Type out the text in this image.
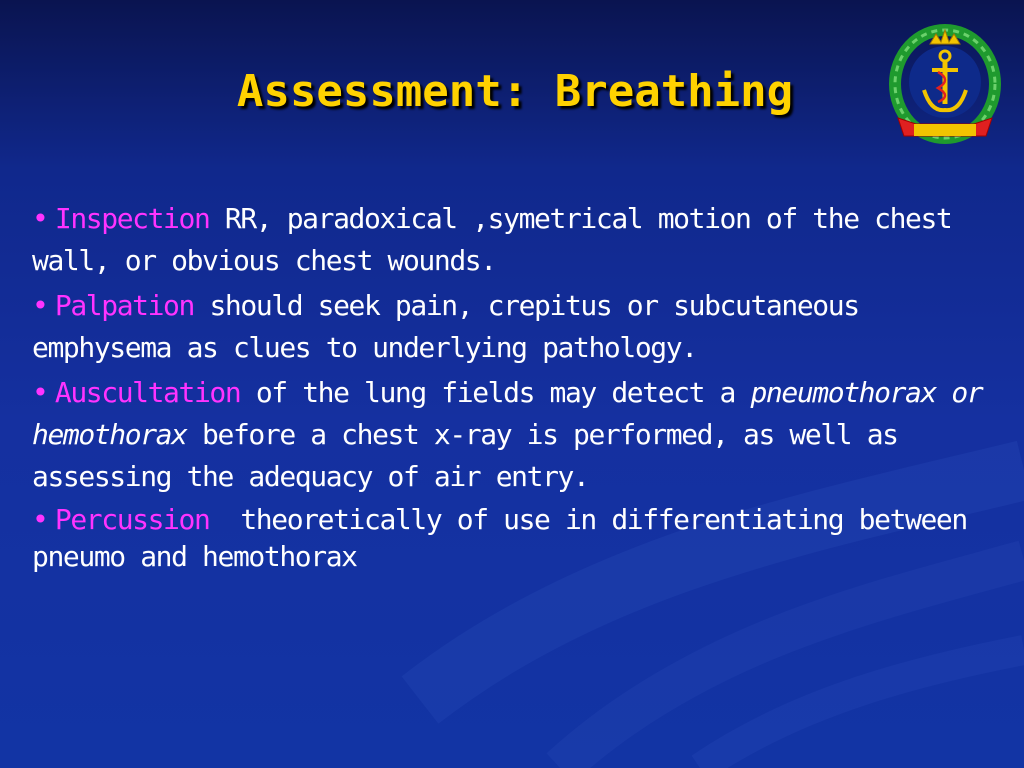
Assessment: Breathing

• Inspection RR, paradoxical ,symetrical motion of the chest wall, or obvious chest wounds.

• Palpation should seek pain, crepitus or subcutaneous emphysema as clues to underlying pathology.

• Auscultation of the lung fields may detect a pneumothorax or hemothorax before a chest x-ray is performed, as well as assessing the adequacy of air entry.

• Percussion  theoretically of use in differentiating between pneumo and hemothorax
